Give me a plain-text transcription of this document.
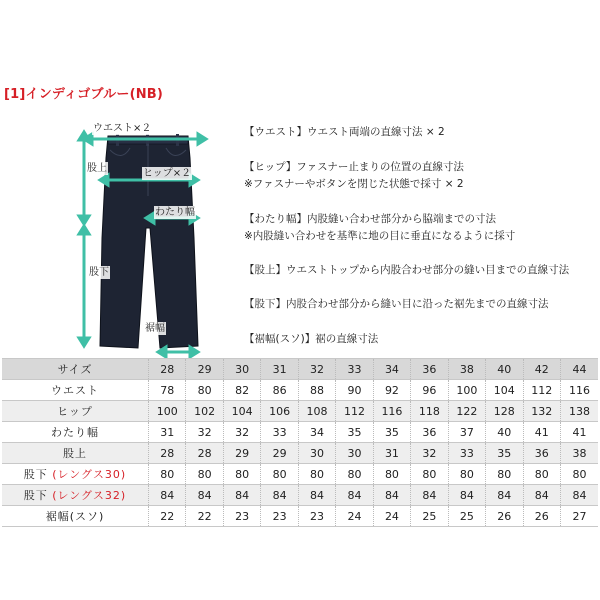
[1]インディゴブルー(NB)
ウエスト×２
ヒップ×２
股上
わたり幅
股下
裾幅
【ウエスト】ウエスト両端の直線寸法 × 2
【ヒップ】ファスナー止まりの位置の直線寸法
※ファスナーやボタンを閉じた状態で採寸 × 2
【わたり幅】内股縫い合わせ部分から脇端までの寸法
※内股縫い合わせを基準に地の目に垂直になるように採寸
【股上】ウエストトップから内股合わせ部分の縫い目までの直線寸法
【股下】内股合わせ部分から縫い目に沿った裾先までの直線寸法
【裾幅(スソ)】裾の直線寸法
サイズ	28	29	30	31	32	33	34	36	38	40	42	44
ウエスト	78	80	82	86	88	90	92	96	100	104	112	116
ヒップ	100	102	104	106	108	112	116	118	122	128	132	138
わたり幅	31	32	32	33	34	35	35	36	37	40	41	41
股上	28	28	29	29	30	30	31	32	33	35	36	38
股下 (レングス30)	80	80	80	80	80	80	80	80	80	80	80	80
股下 (レングス32)	84	84	84	84	84	84	84	84	84	84	84	84
裾幅(スソ)	22	22	23	23	23	24	24	25	25	26	26	27
